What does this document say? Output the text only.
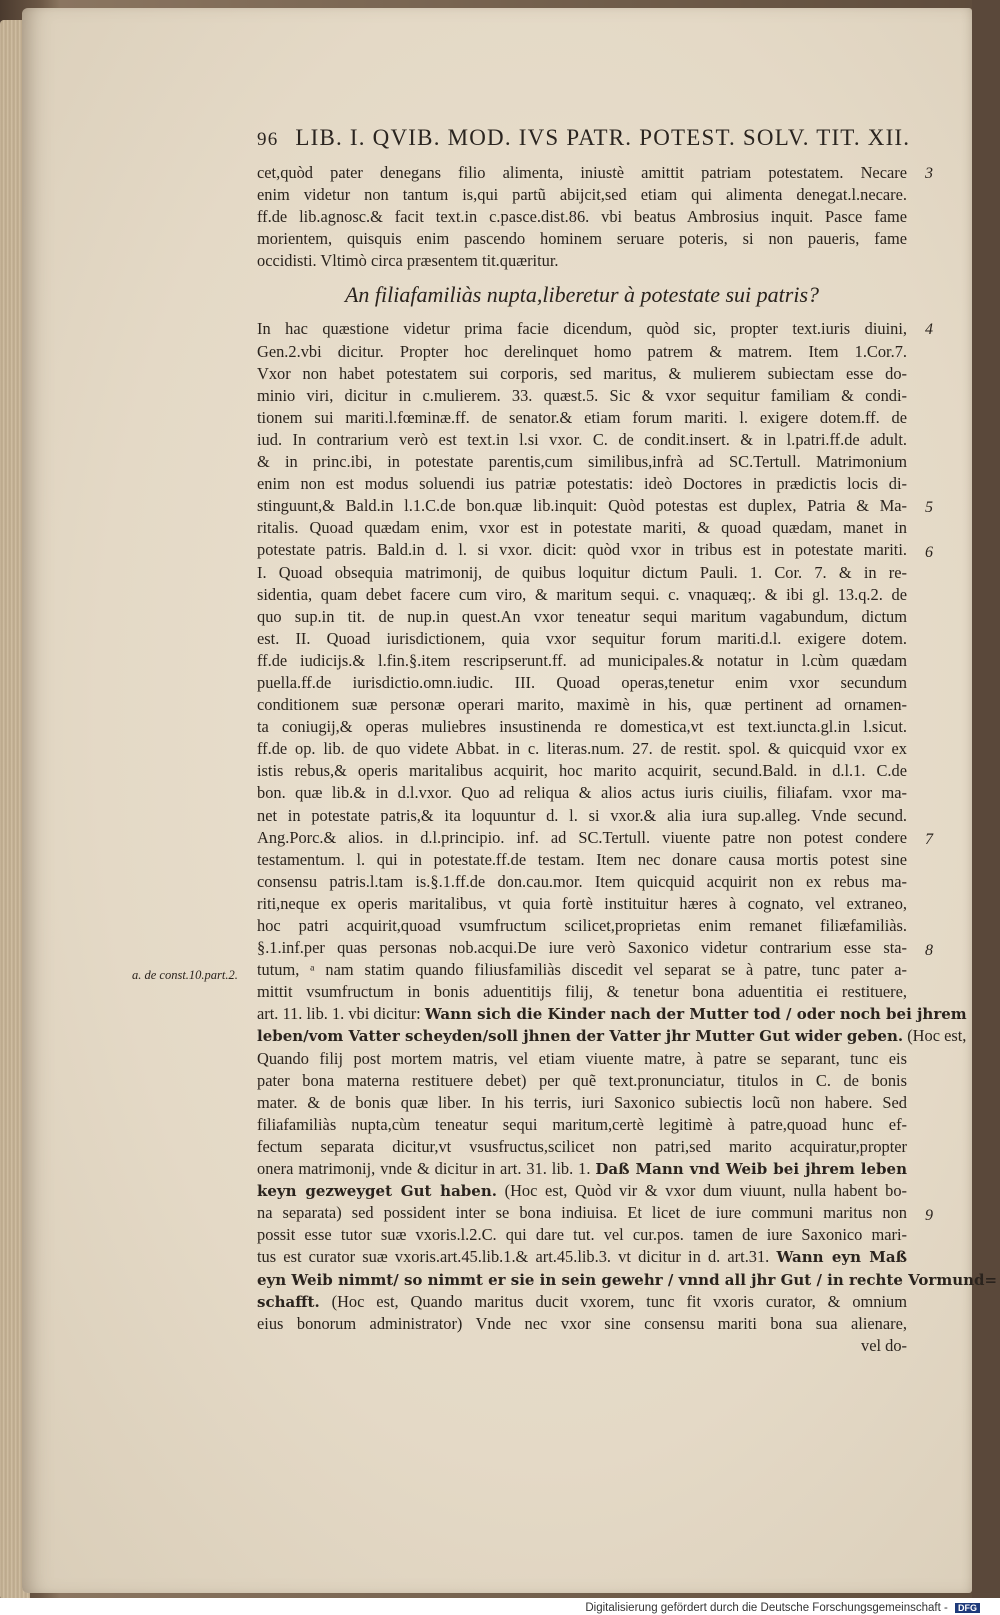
96 LIB. I. QVIB. MOD. IVS PATR. POTEST. SOLV. TIT. XII.
cet,quòd pater denegans filio alimenta, iniustè amittit patriam potestatem. Necare
enim videtur non tantum is,qui partũ abijcit,sed etiam qui alimenta denegat.l.necare.
ff.de lib.agnosc.& facit text.in c.pasce.dist.86. vbi beatus Ambrosius inquit. Pasce fame
morientem, quisquis enim pascendo hominem seruare poteris, si non paueris, fame
occidisti. Vltimò circa præsentem tit.quæritur.
An filiafamiliàs nupta,liberetur à potestate sui patris?
In hac quæstione videtur prima facie dicendum, quòd sic, propter text.iuris diuini,
Gen.2.vbi dicitur. Propter hoc derelinquet homo patrem & matrem. Item 1.Cor.7.
Vxor non habet potestatem sui corporis, sed maritus, & mulierem subiectam esse do-
minio viri, dicitur in c.mulierem. 33. quæst.5. Sic & vxor sequitur familiam & condi-
tionem sui mariti.l.fœminæ.ff. de senator.& etiam forum mariti. l. exigere dotem.ff. de
iud. In contrarium verò est text.in l.si vxor. C. de condit.insert. & in l.patri.ff.de adult.
& in princ.ibi, in potestate parentis,cum similibus,infrà ad SC.Tertull. Matrimonium
enim non est modus soluendi ius patriæ potestatis: ideò Doctores in prædictis locis di-
stinguunt,& Bald.in l.1.C.de bon.quæ lib.inquit: Quòd potestas est duplex, Patria & Ma-
ritalis. Quoad quædam enim, vxor est in potestate mariti, & quoad quædam, manet in
potestate patris. Bald.in d. l. si vxor. dicit: quòd vxor in tribus est in potestate mariti.
I. Quoad obsequia matrimonij, de quibus loquitur dictum Pauli. 1. Cor. 7. & in re-
sidentia, quam debet facere cum viro, & maritum sequi. c. vnaquæq;. & ibi gl. 13.q.2. de
quo sup.in tit. de nup.in quest.An vxor teneatur sequi maritum vagabundum, dictum
est. II. Quoad iurisdictionem, quia vxor sequitur forum mariti.d.l. exigere dotem.
ff.de iudicijs.& l.fin.§.item rescripserunt.ff. ad municipales.& notatur in l.cùm quædam
puella.ff.de iurisdictio.omn.iudic. III. Quoad operas,tenetur enim vxor secundum
conditionem suæ personæ operari marito, maximè in his, quæ pertinent ad ornamen-
ta coniugij,& operas muliebres insustinenda re domestica,vt est text.iuncta.gl.in l.sicut.
ff.de op. lib. de quo videte Abbat. in c. literas.num. 27. de restit. spol. & quicquid vxor ex
istis rebus,& operis maritalibus acquirit, hoc marito acquirit, secund.Bald. in d.l.1. C.de
bon. quæ lib.& in d.l.vxor. Quo ad reliqua & alios actus iuris ciuilis, filiafam. vxor ma-
net in potestate patris,& ita loquuntur d. l. si vxor.& alia iura sup.alleg. Vnde secund.
Ang.Porc.& alios. in d.l.principio. inf. ad SC.Tertull. viuente patre non potest condere
testamentum. l. qui in potestate.ff.de testam. Item nec donare causa mortis potest sine
consensu patris.l.tam is.§.1.ff.de don.cau.mor. Item quicquid acquirit non ex rebus ma-
riti,neque ex operis maritalibus, vt quia fortè instituitur hæres à cognato, vel extraneo,
hoc patri acquirit,quoad vsumfructum scilicet,proprietas enim remanet filiæfamiliàs.
§.1.inf.per quas personas nob.acqui.De iure verò Saxonico videtur contrarium esse sta-
tutum, ᵃ nam statim quando filiusfamiliàs discedit vel separat se à patre, tunc pater a-
mittit vsumfructum in bonis aduentitijs filij, & tenetur bona aduentitia ei restituere,
art. 11. lib. 1. vbi dicitur: Wann sich die Kinder nach der Mutter tod / oder noch bei jhrem
leben/vom Vatter scheyden/soll jhnen der Vatter jhr Mutter Gut wider geben. (Hoc est,
Quando filij post mortem matris, vel etiam viuente matre, à patre se separant, tunc eis
pater bona materna restituere debet) per quẽ text.pronunciatur, titulos in C. de bonis
mater. & de bonis quæ liber. In his terris, iuri Saxonico subiectis locũ non habere. Sed
filiafamiliàs nupta,cùm teneatur sequi maritum,certè legitimè à patre,quoad hunc ef-
fectum separata dicitur,vt vsusfructus,scilicet non patri,sed marito acquiratur,propter
onera matrimonij, vnde & dicitur in art. 31. lib. 1. Daß Mann vnd Weib bei jhrem leben
keyn gezweyget Gut haben. (Hoc est, Quòd vir & vxor dum viuunt, nulla habent bo-
na separata) sed possident inter se bona indiuisa. Et licet de iure communi maritus non
possit esse tutor suæ vxoris.l.2.C. qui dare tut. vel cur.pos. tamen de iure Saxonico mari-
tus est curator suæ vxoris.art.45.lib.1.& art.45.lib.3. vt dicitur in d. art.31. Wann eyn Maß
eyn Weib nimmt/ so nimmt er sie in sein gewehr / vnnd all jhr Gut / in rechte Vormund=
schafft. (Hoc est, Quando maritus ducit vxorem, tunc fit vxoris curator, & omnium
eius bonorum administrator) Vnde nec vxor sine consensu mariti bona sua alienare,
vel do-
3
4
5
6
7
8
9
a. de const.10.part.2.
Digitalisierung gefördert durch die Deutsche Forschungsgemeinschaft - DFG
